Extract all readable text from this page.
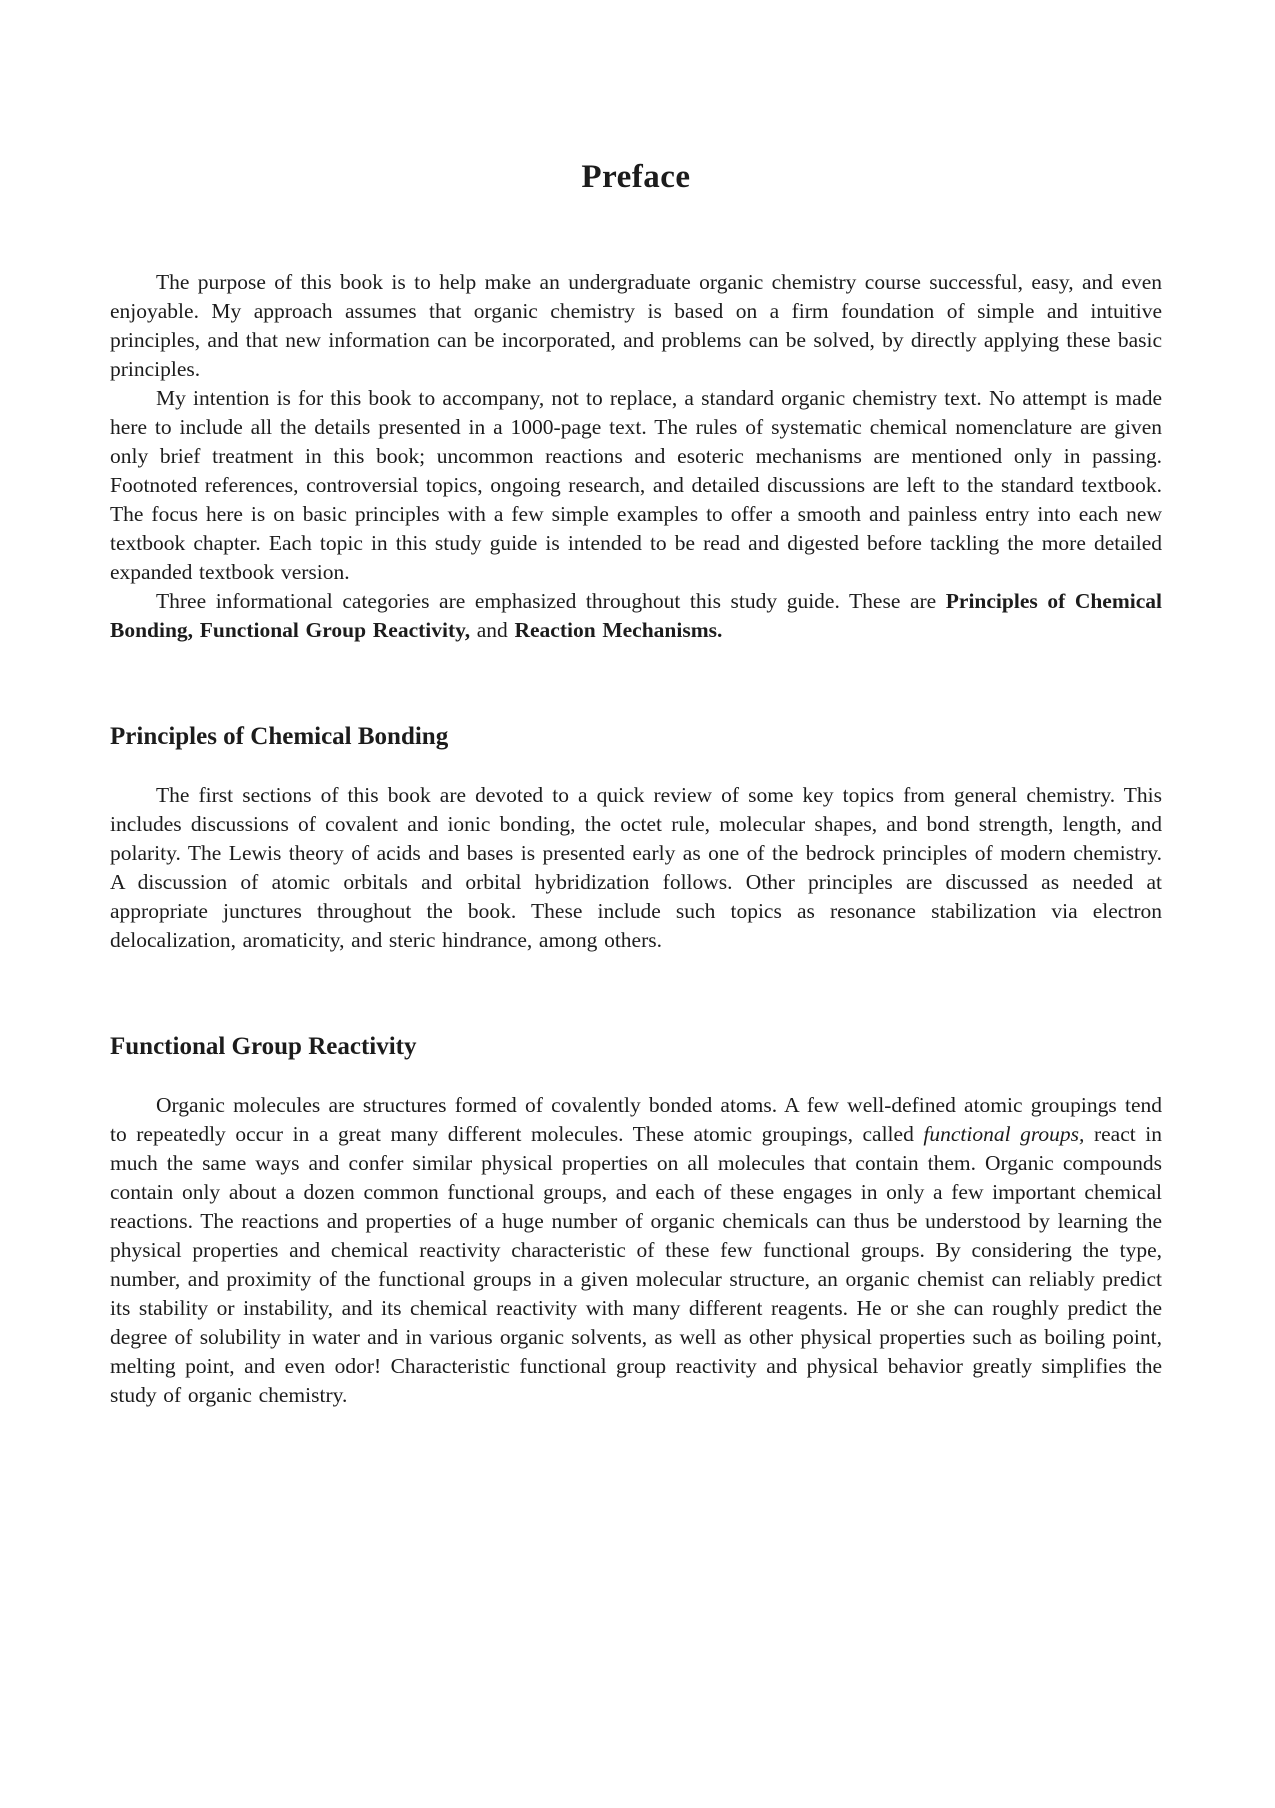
Preface

The purpose of this book is to help make an undergraduate organic chemistry course successful, easy, and even enjoyable. My approach assumes that organic chemistry is based on a firm foundation of simple and intuitive principles, and that new information can be incorporated, and problems can be solved, by directly applying these basic principles.

My intention is for this book to accompany, not to replace, a standard organic chemistry text. No attempt is made here to include all the details presented in a 1000-page text. The rules of systematic chemical nomenclature are given only brief treatment in this book; uncommon reactions and esoteric mechanisms are mentioned only in passing. Footnoted references, controversial topics, ongoing research, and detailed discussions are left to the standard textbook. The focus here is on basic principles with a few simple examples to offer a smooth and painless entry into each new textbook chapter. Each topic in this study guide is intended to be read and digested before tackling the more detailed expanded textbook version.

Three informational categories are emphasized throughout this study guide. These are Principles of Chemical Bonding, Functional Group Reactivity, and Reaction Mechanisms.

Principles of Chemical Bonding

The first sections of this book are devoted to a quick review of some key topics from general chemistry. This includes discussions of covalent and ionic bonding, the octet rule, molecular shapes, and bond strength, length, and polarity. The Lewis theory of acids and bases is presented early as one of the bedrock principles of modern chemistry. A discussion of atomic orbitals and orbital hybridization follows. Other principles are discussed as needed at appropriate junctures throughout the book. These include such topics as resonance stabilization via electron delocalization, aromaticity, and steric hindrance, among others.

Functional Group Reactivity

Organic molecules are structures formed of covalently bonded atoms. A few well-defined atomic groupings tend to repeatedly occur in a great many different molecules. These atomic groupings, called functional groups, react in much the same ways and confer similar physical properties on all molecules that contain them. Organic compounds contain only about a dozen common functional groups, and each of these engages in only a few important chemical reactions. The reactions and properties of a huge number of organic chemicals can thus be understood by learning the physical properties and chemical reactivity characteristic of these few functional groups. By considering the type, number, and proximity of the functional groups in a given molecular structure, an organic chemist can reliably predict its stability or instability, and its chemical reactivity with many different reagents. He or she can roughly predict the degree of solubility in water and in various organic solvents, as well as other physical properties such as boiling point, melting point, and even odor! Characteristic functional group reactivity and physical behavior greatly simplifies the study of organic chemistry.
